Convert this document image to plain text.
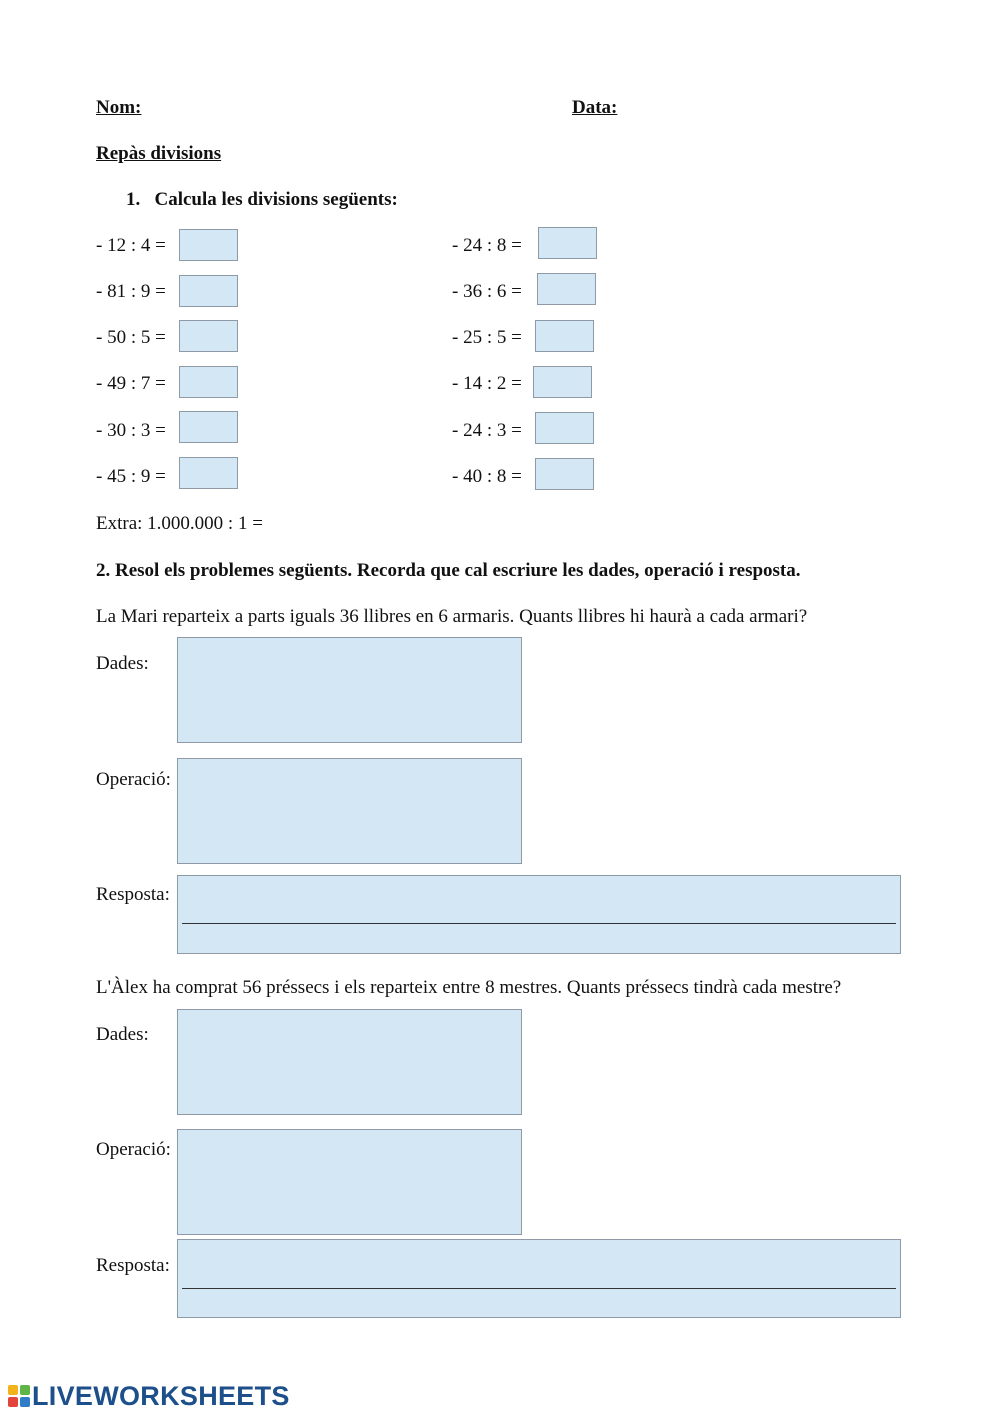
Nom:	Data:
Repàs divisions
1.   Calcula les divisions següents:
- 12 : 4 =
- 81 : 9 =
- 50 : 5 =
- 49 : 7 =
- 30 : 3 =
- 45 : 9 =
- 24 : 8 =
- 36 : 6 =
- 25 : 5 =
- 14 : 2 =
- 24 : 3 =
- 40 : 8 =
Extra: 1.000.000 : 1 =
2. Resol els problemes següents. Recorda que cal escriure les dades, operació i resposta.
La Mari reparteix a parts iguals 36 llibres en 6 armaris. Quants llibres hi haurà a cada armari?
Dades:
Operació:
Resposta:
L'Àlex ha comprat 56 préssecs i els reparteix entre 8 mestres. Quants préssecs tindrà cada mestre?
Dades:
Operació:
Resposta:
LIVEWORKSHEETS
